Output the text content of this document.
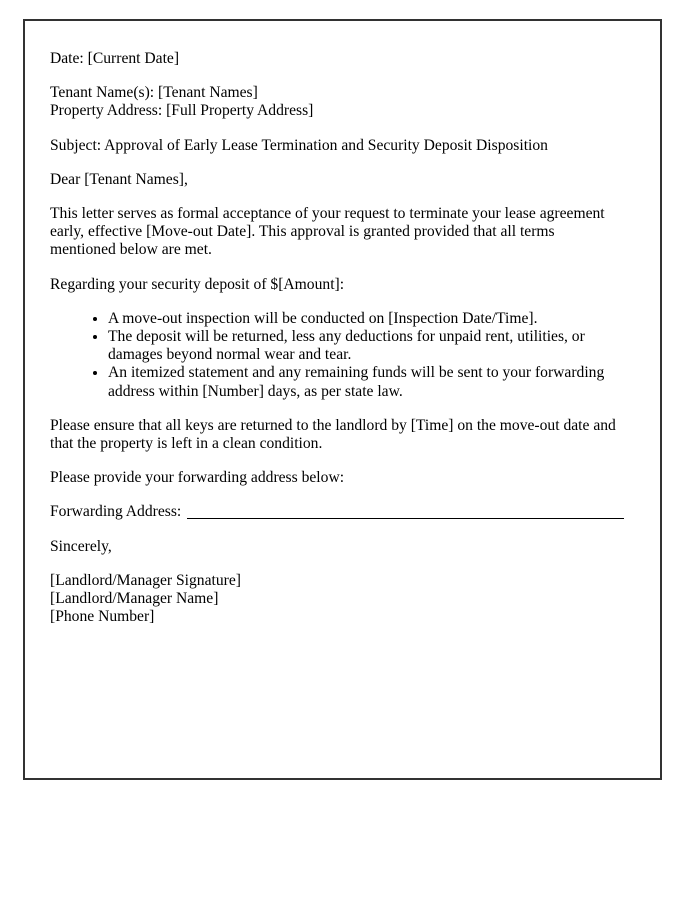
Date: [Current Date]

Tenant Name(s): [Tenant Names]
Property Address: [Full Property Address]

Subject: Approval of Early Lease Termination and Security Deposit Disposition

Dear [Tenant Names],

This letter serves as formal acceptance of your request to terminate your lease agreement
early, effective [Move-out Date]. This approval is granted provided that all terms
mentioned below are met.

Regarding your security deposit of $[Amount]:

• A move-out inspection will be conducted on [Inspection Date/Time].
• The deposit will be returned, less any deductions for unpaid rent, utilities, or
damages beyond normal wear and tear.
• An itemized statement and any remaining funds will be sent to your forwarding
address within [Number] days, as per state law.

Please ensure that all keys are returned to the landlord by [Time] on the move-out date and
that the property is left in a clean condition.

Please provide your forwarding address below:

Forwarding Address:

Sincerely,

[Landlord/Manager Signature]

[Landlord/Manager Name]

[Phone Number]
